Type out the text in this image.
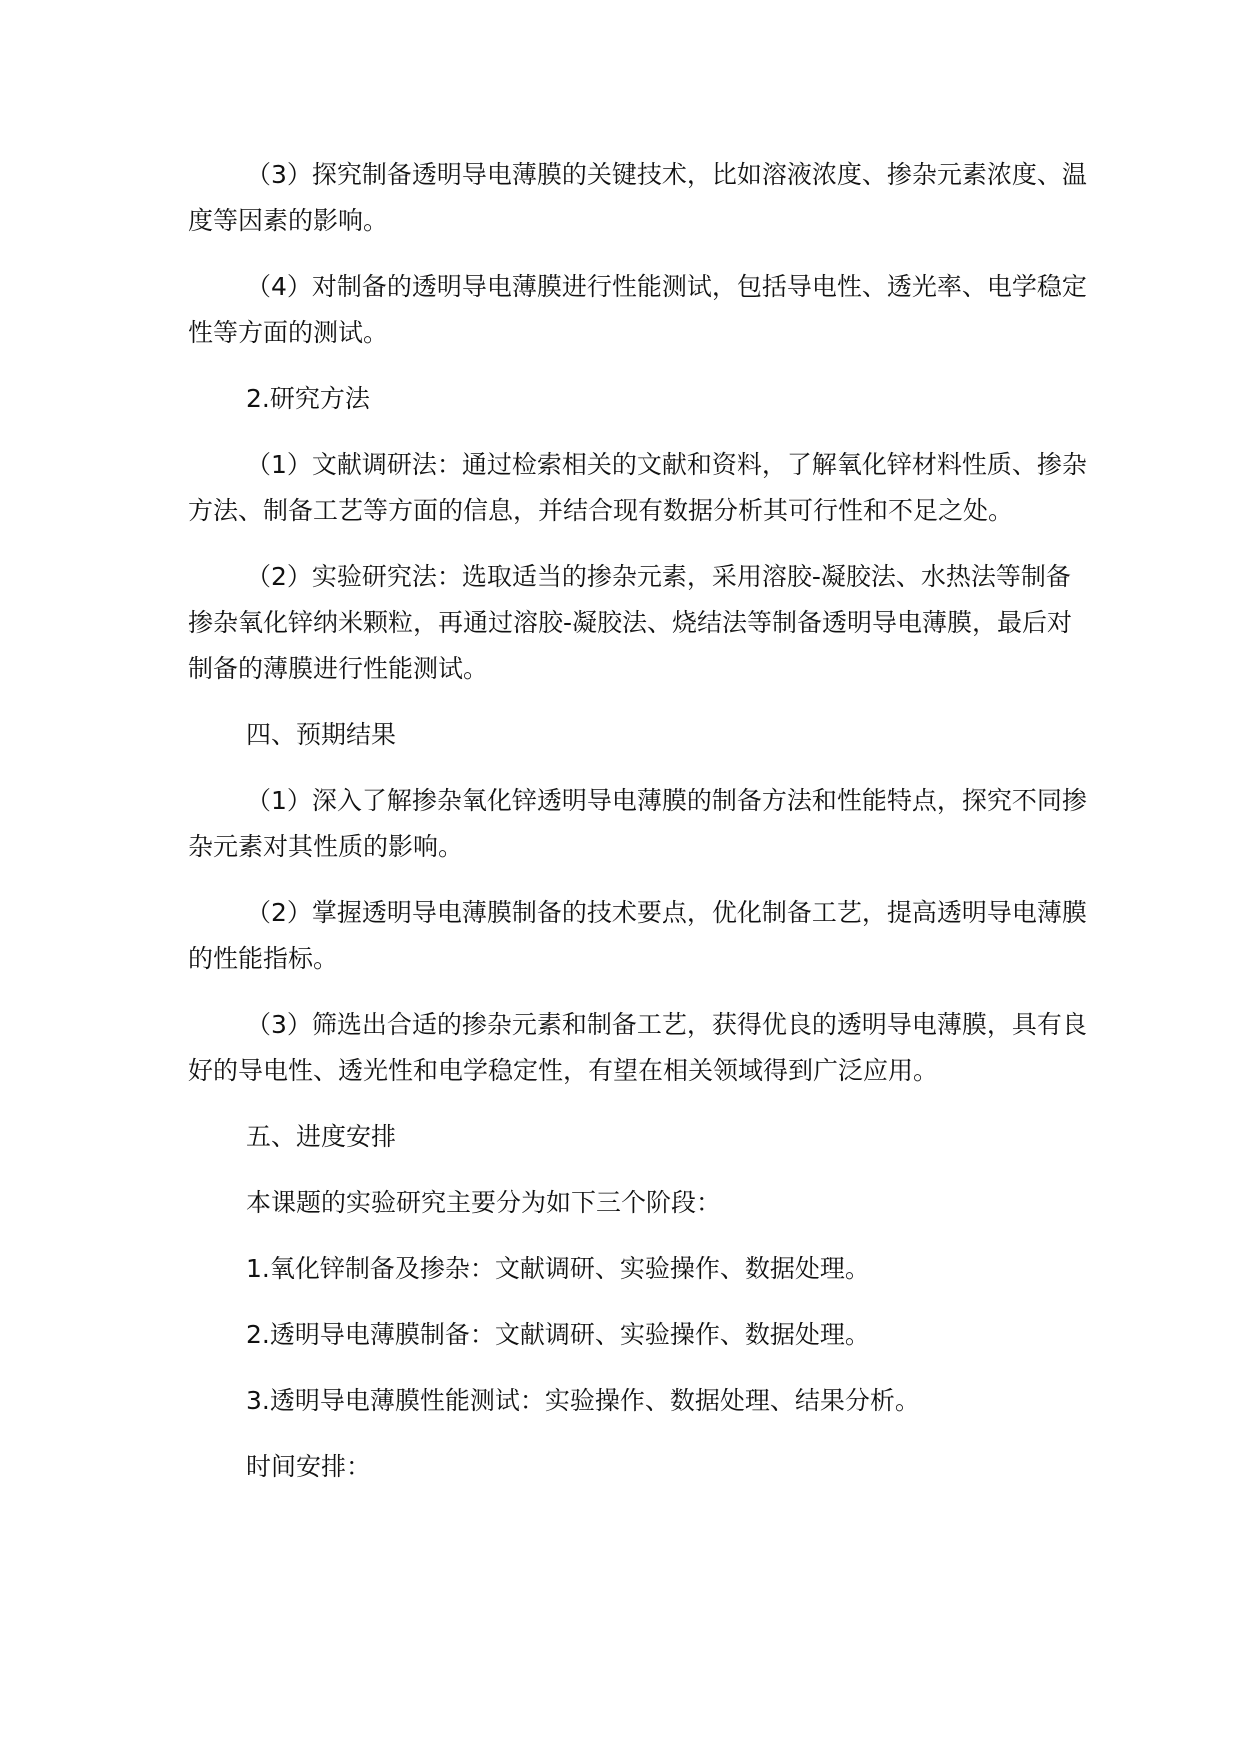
（3）探究制备透明导电薄膜的关键技术，比如溶液浓度、掺杂元素浓度、温度等因素的影响。

（4）对制备的透明导电薄膜进行性能测试，包括导电性、透光率、电学稳定性等方面的测试。

2.研究方法

（1）文献调研法：通过检索相关的文献和资料，了解氧化锌材料性质、掺杂方法、制备工艺等方面的信息，并结合现有数据分析其可行性和不足之处。

（2）实验研究法：选取适当的掺杂元素，采用溶胶-凝胶法、水热法等制备掺杂氧化锌纳米颗粒，再通过溶胶-凝胶法、烧结法等制备透明导电薄膜，最后对制备的薄膜进行性能测试。

四、预期结果

（1）深入了解掺杂氧化锌透明导电薄膜的制备方法和性能特点，探究不同掺杂元素对其性质的影响。

（2）掌握透明导电薄膜制备的技术要点，优化制备工艺，提高透明导电薄膜的性能指标。

（3）筛选出合适的掺杂元素和制备工艺，获得优良的透明导电薄膜，具有良好的导电性、透光性和电学稳定性，有望在相关领域得到广泛应用。

五、进度安排

本课题的实验研究主要分为如下三个阶段：

1.氧化锌制备及掺杂：文献调研、实验操作、数据处理。

2.透明导电薄膜制备：文献调研、实验操作、数据处理。

3.透明导电薄膜性能测试：实验操作、数据处理、结果分析。

时间安排：
